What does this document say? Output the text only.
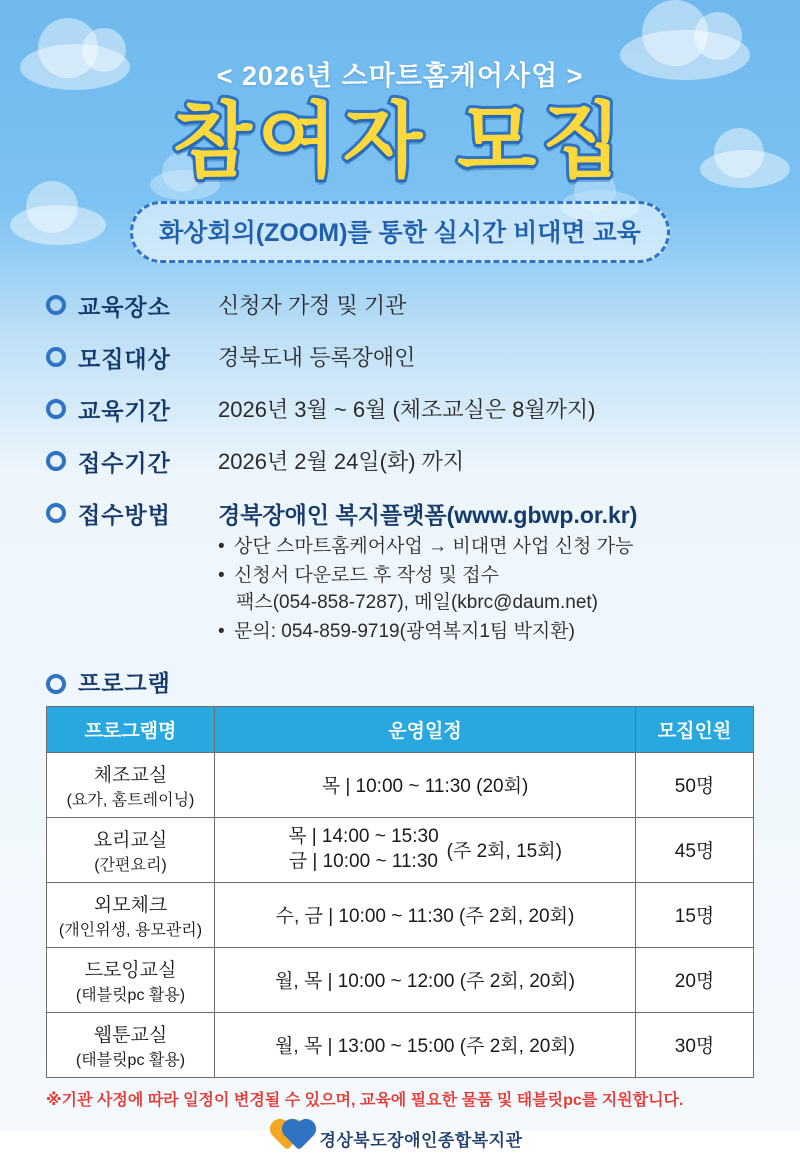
< 2026년 스마트홈케어사업 >
참여자 모집
화상회의(ZOOM)를 통한 실시간 비대면 교육
교육장소	신청자 가정 및 기관
모집대상	경북도내 등록장애인
교육기간	2026년 3월 ~ 6월 (체조교실은 8월까지)
접수기간	2026년 2월 24일(화) 까지
접수방법	경북장애인 복지플랫폼(www.gbwp.or.kr)
• 상단 스마트홈케어사업 → 비대면 사업 신청 가능
• 신청서 다운로드 후 작성 및 접수
팩스(054-858-7287), 메일(kbrc@daum.net)
• 문의: 054-859-9719(광역복지1팀 박지환)
프로그램
프로그램명	운영일정	모집인원

체조교실
(요가, 홈트레이닝)	목 | 10:00 ~ 11:30 (20회)	50명

요리교실
(간편요리)	목 | 14:00 ~ 15:30
금 | 10:00 ~ 11:30 (주 2회, 15회)	45명

외모체크
(개인위생, 용모관리)	수, 금 | 10:00 ~ 11:30 (주 2회, 20회)	15명

드로잉교실
(태블릿pc 활용)	월, 목 | 10:00 ~ 12:00 (주 2회, 20회)	20명

웹툰교실
(태블릿pc 활용)	월, 목 | 13:00 ~ 15:00 (주 2회, 20회)	30명
※기관 사정에 따라 일정이 변경될 수 있으며, 교육에 필요한 물품 및 태블릿pc를 지원합니다.
경상북도장애인종합복지관
